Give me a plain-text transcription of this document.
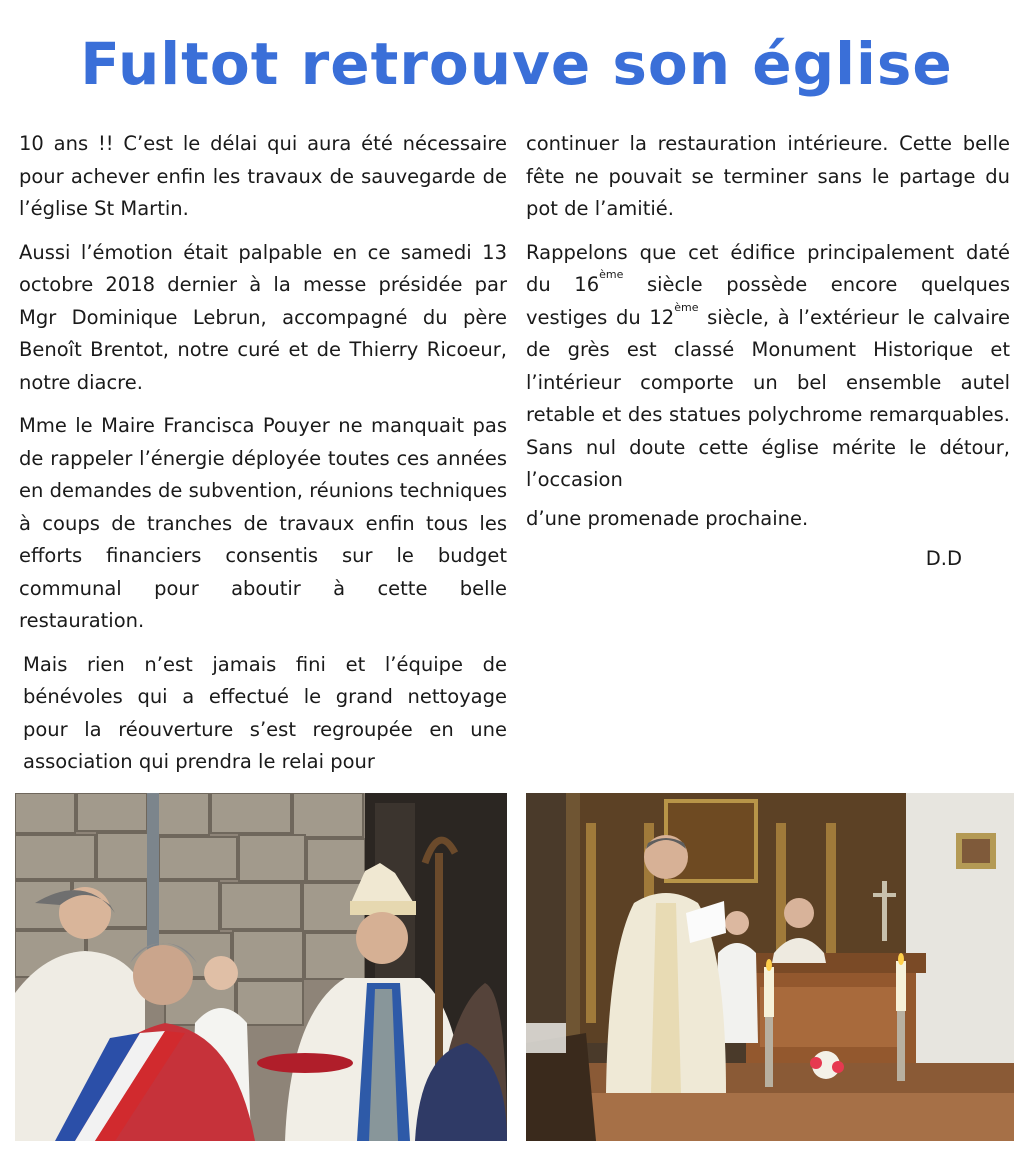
Fultot retrouve son église

10 ans !! C’est le délai qui aura été nécessaire pour achever enfin les travaux de sauvegarde de l’église St Martin.

Aussi l’émotion était palpable en ce samedi 13 octobre 2018 dernier à la messe présidée par Mgr Dominique Lebrun, accompagné du père Benoît Brentot, notre curé et de Thierry Ricoeur, notre diacre.

Mme le Maire Francisca Pouyer ne manquait pas de rappeler l’énergie déployée toutes ces années en demandes de subvention, réunions techniques à coups de tranches de travaux enfin tous les efforts financiers consentis sur le budget communal pour aboutir à cette belle restauration.

Mais rien n’est jamais fini et l’équipe de bénévoles qui a effectué le grand nettoyage pour la réouverture s’est regroupée en une association qui prendra le relai pour

continuer la restauration intérieure. Cette belle fête ne pouvait se terminer sans le partage du pot de l’amitié.

Rappelons que cet édifice principalement daté du 16ème siècle possède encore quelques vestiges du 12ème siècle, à l’extérieur le calvaire de grès est classé Monument Historique et l’intérieur comporte un bel ensemble autel retable et des statues polychrome remarquables. Sans nul doute cette église mérite le détour, l’occasion

d’une promenade prochaine.

D.D
